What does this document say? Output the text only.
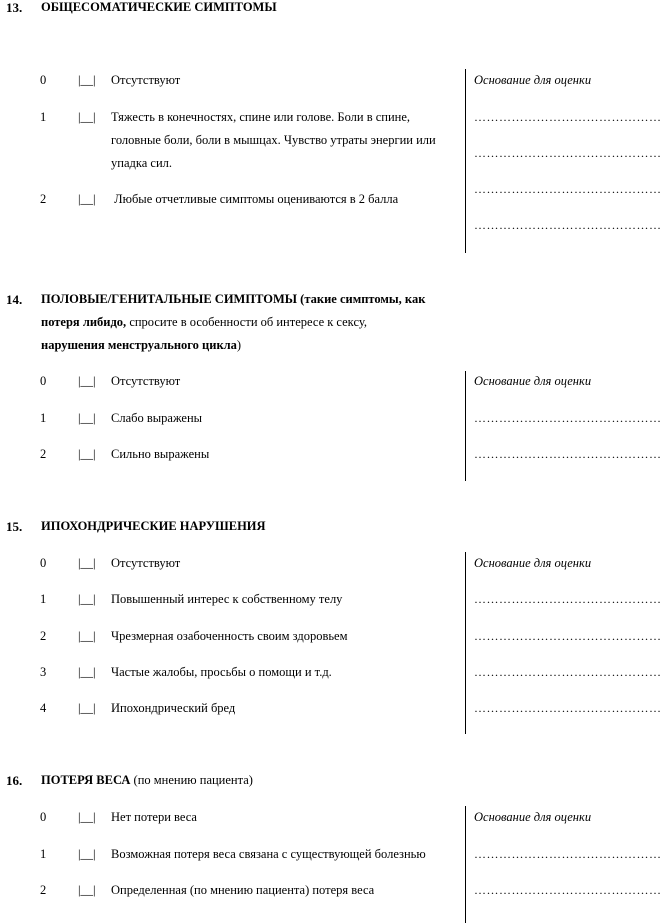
13. ОБЩЕСОМАТИЧЕСКИЕ СИМПТОМЫ
0	|__| Отсутствуют
1	|__| Тяжесть в конечностях, спине или голове. Боли в спине,
головные боли, боли в мышцах. Чувство утраты энергии или
упадка сил.
2	|__| Любые отчетливые симптомы оцениваются в 2 балла
Основание для оценки
………………………………………
………………………………………
………………………………………
………………………………………
14. ПОЛОВЫЕ/ГЕНИТАЛЬНЫЕ СИМПТОМЫ (такие симптомы, как
потеря либидо, спросите в особенности об интересе к сексу,
нарушения менструального цикла)
0	|__| Отсутствуют
1	|__| Слабо выражены
2	|__| Сильно выражены
Основание для оценки
………………………………………
………………………………………
15. ИПОХОНДРИЧЕСКИЕ НАРУШЕНИЯ
0	|__| Отсутствуют
1	|__| Повышенный интерес к собственному телу
2	|__| Чрезмерная озабоченность своим здоровьем
3	|__| Частые жалобы, просьбы о помощи и т.д.
4	|__| Ипохондрический бред
Основание для оценки
………………………………………
………………………………………
………………………………………
………………………………………
16. ПОТЕРЯ ВЕСА (по мнению пациента)
0	|__| Нет потери веса
1	|__| Возможная потеря веса связана с существующей болезнью
2	|__| Определенная (по мнению пациента) потеря веса
Основание для оценки
………………………………………
………………………………………
